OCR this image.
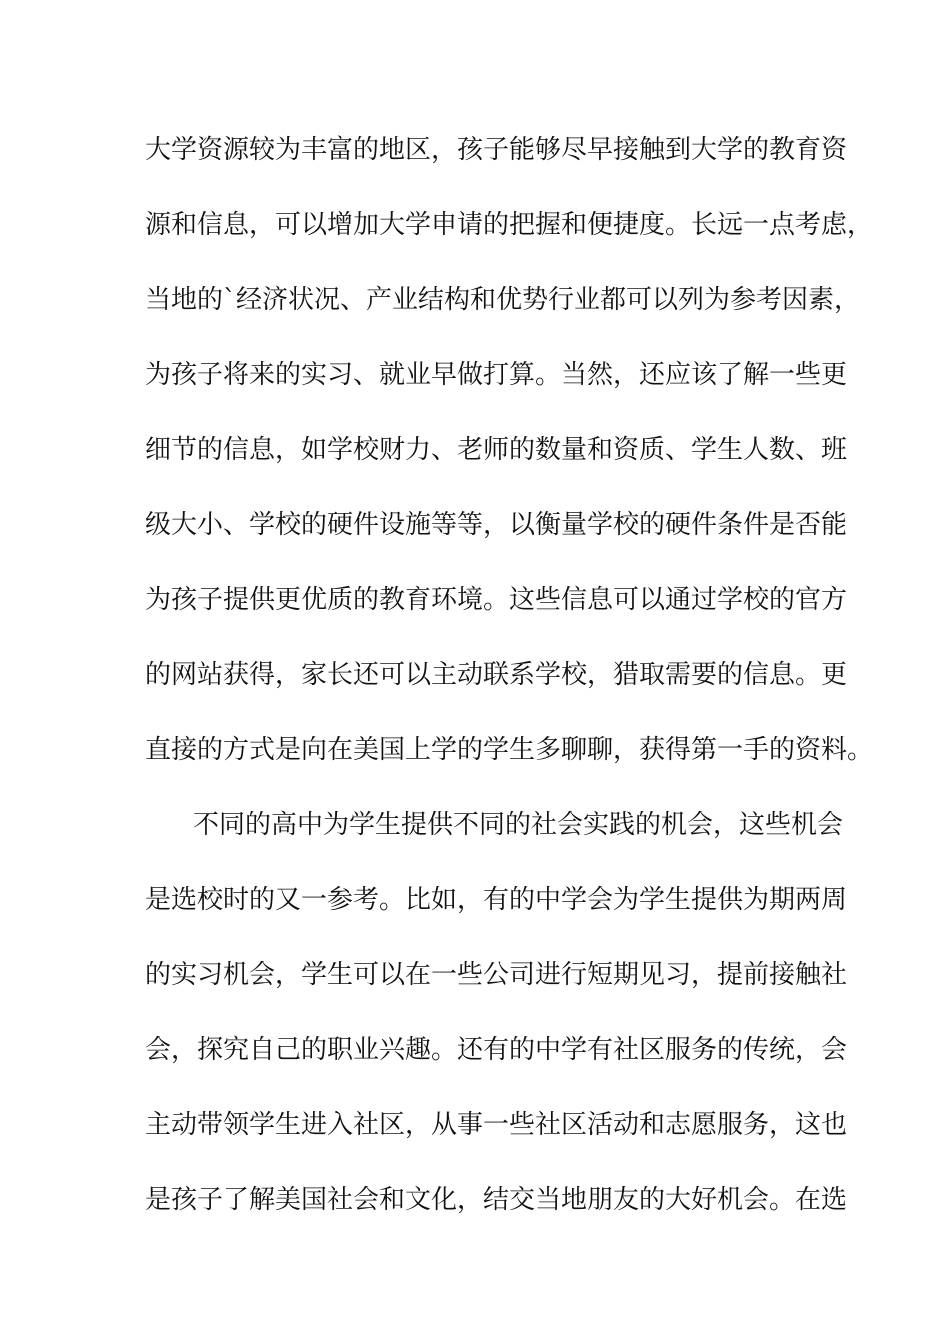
大学资源较为丰富的地区，孩子能够尽早接触到大学的教育资
源和信息，可以增加大学申请的把握和便捷度。长远一点考虑，
当地的`经济状况、产业结构和优势行业都可以列为参考因素，
为孩子将来的实习、就业早做打算。当然，还应该了解一些更
细节的信息，如学校财力、老师的数量和资质、学生人数、班
级大小、学校的硬件设施等等，以衡量学校的硬件条件是否能
为孩子提供更优质的教育环境。这些信息可以通过学校的官方
的网站获得，家长还可以主动联系学校，猎取需要的信息。更
直接的方式是向在美国上学的学生多聊聊，获得第一手的资料。
不同的高中为学生提供不同的社会实践的机会，这些机会
是选校时的又一参考。比如，有的中学会为学生提供为期两周
的实习机会，学生可以在一些公司进行短期见习，提前接触社
会，探究自己的职业兴趣。还有的中学有社区服务的传统，会
主动带领学生进入社区，从事一些社区活动和志愿服务，这也
是孩子了解美国社会和文化，结交当地朋友的大好机会。在选
